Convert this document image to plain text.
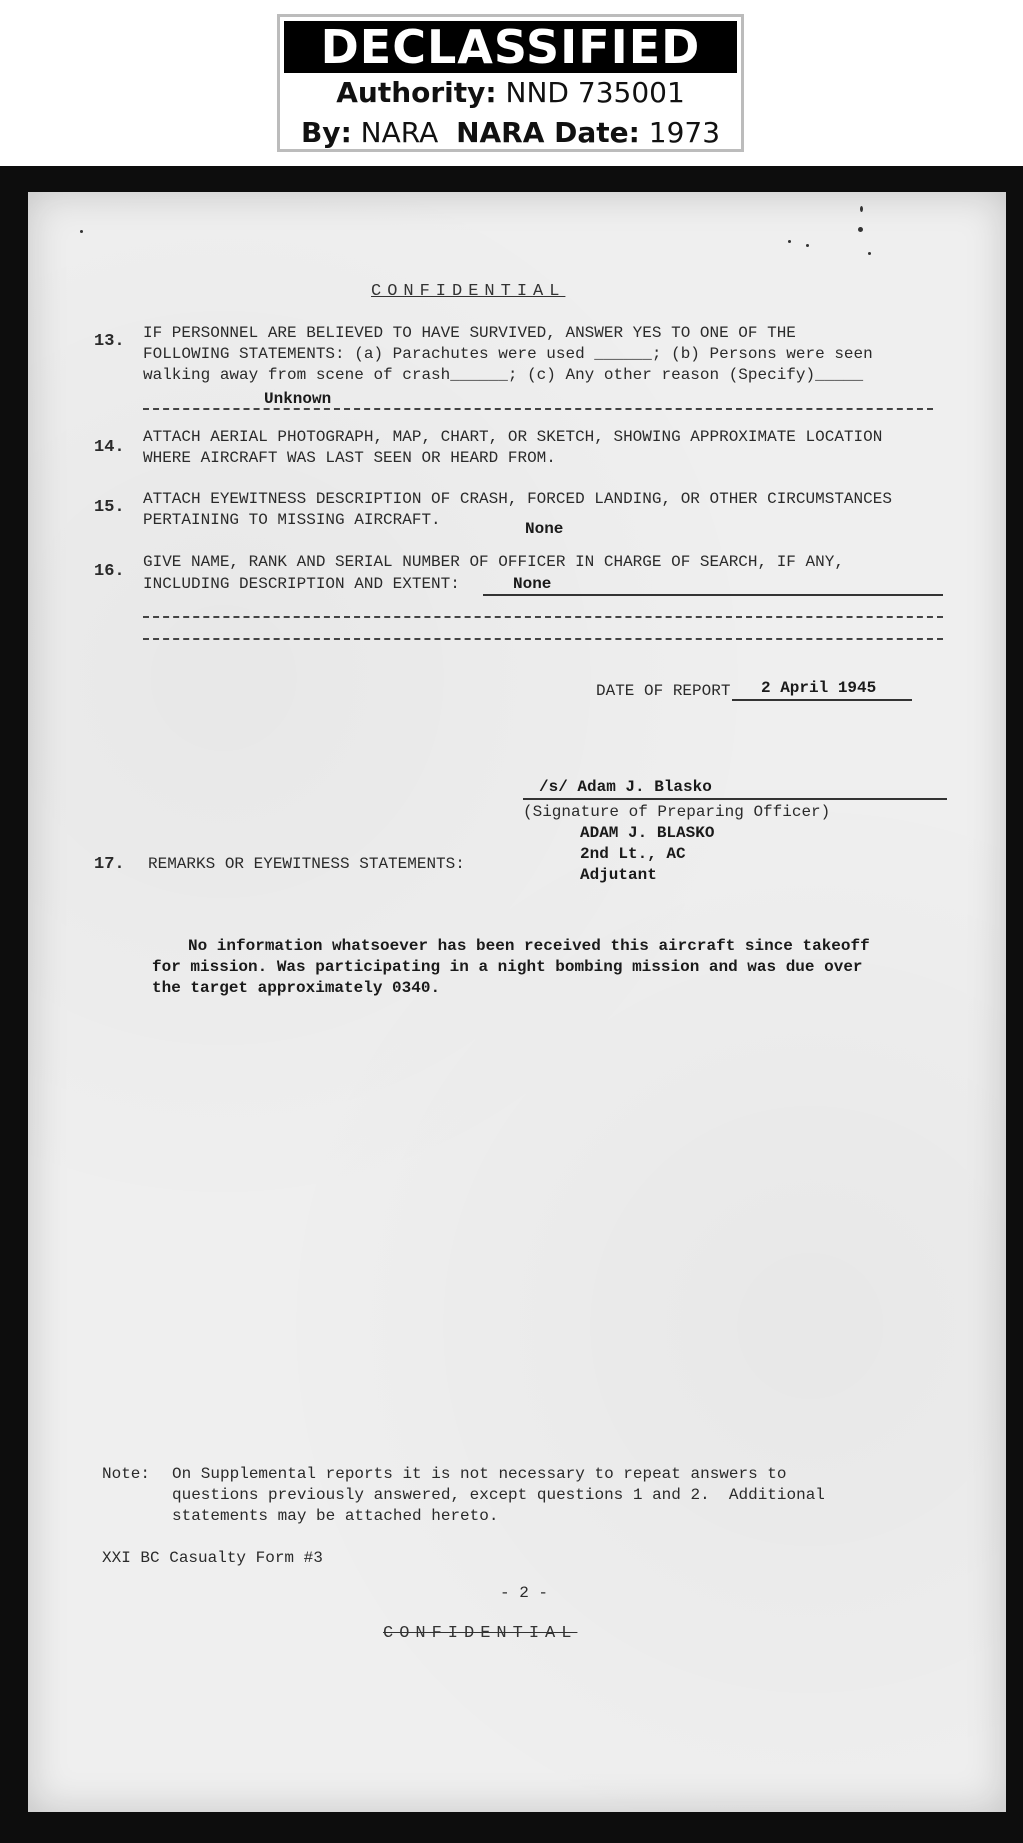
DECLASSIFIED
Authority: NND 735001
By: NARA NARA Date: 1973
CONFIDENTIAL
13. IF PERSONNEL ARE BELIEVED TO HAVE SURVIVED, ANSWER YES TO ONE OF THE
FOLLOWING STATEMENTS: (a) Parachutes were used ______; (b) Persons were seen
walking away from scene of crash______; (c) Any other reason (Specify)_____
Unknown
14.
ATTACH AERIAL PHOTOGRAPH, MAP, CHART, OR SKETCH, SHOWING APPROXIMATE LOCATION
WHERE AIRCRAFT WAS LAST SEEN OR HEARD FROM.
15. ATTACH EYEWITNESS DESCRIPTION OF CRASH, FORCED LANDING, OR OTHER CIRCUMSTANCES
PERTAINING TO MISSING AIRCRAFT.	None
16. GIVE NAME, RANK AND SERIAL NUMBER OF OFFICER IN CHARGE OF SEARCH, IF ANY,
INCLUDING DESCRIPTION AND EXTENT:	None
DATE OF REPORT 2 April 1945
/s/ Adam J. Blasko
(Signature of Preparing Officer)
ADAM J. BLASKO
2nd Lt., AC
Adjutant
17. REMARKS OR EYEWITNESS STATEMENTS:
No information whatsoever has been received this aircraft since takeoff
for mission. Was participating in a night bombing mission and was due over
the target approximately 0340.
Note: On Supplemental reports it is not necessary to repeat answers to
questions previously answered, except questions 1 and 2.  Additional
statements may be attached hereto.
XXI BC Casualty Form #3
- 2 -
CONFIDENTIAL
